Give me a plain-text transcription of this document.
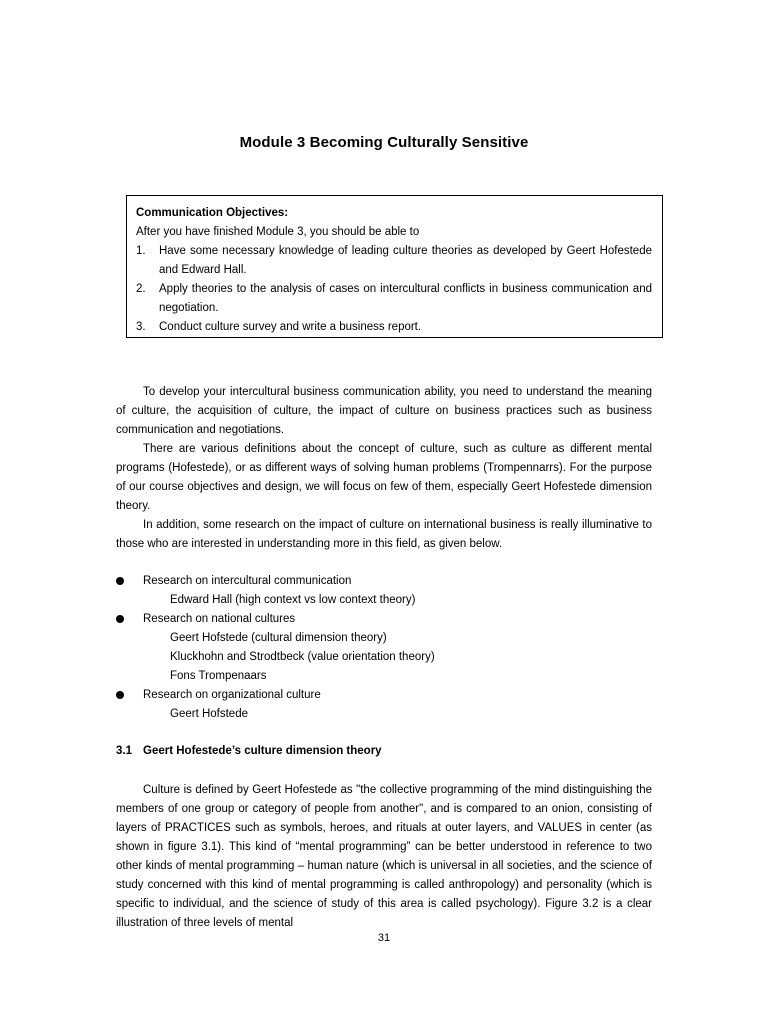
Module 3 Becoming Culturally Sensitive
Communication Objectives:
After you have finished Module 3, you should be able to
1. Have some necessary knowledge of leading culture theories as developed by Geert Hofestede and Edward Hall.
2. Apply theories to the analysis of cases on intercultural conflicts in business communication and negotiation.
3. Conduct culture survey and write a business report.

To develop your intercultural business communication ability, you need to understand the meaning of culture, the acquisition of culture, the impact of culture on business practices such as business communication and negotiations.

There are various definitions about the concept of culture, such as culture as different mental programs (Hofestede), or as different ways of solving human problems (Trompennarrs). For the purpose of our course objectives and design, we will focus on few of them, especially Geert Hofestede dimension theory.

In addition, some research on the impact of culture on international business is really illuminative to those who are interested in understanding more in this field, as given below.

Research on intercultural communication
Edward Hall (high context vs low context theory)
Research on national cultures
Geert Hofstede (cultural dimension theory)
Kluckhohn and Strodtbeck (value orientation theory)
Fons Trompenaars
Research on organizational culture
Geert Hofstede
3.1 Geert Hofestede’s culture dimension theory

Culture is defined by Geert Hofestede as "the collective programming of the mind distinguishing the members of one group or category of people from another", and is compared to an onion, consisting of layers of PRACTICES such as symbols, heroes, and rituals at outer layers, and VALUES in center (as shown in figure 3.1). This kind of “mental programming” can be better understood in reference to two other kinds of mental programming – human nature (which is universal in all societies, and the science of study concerned with this kind of mental programming is called anthropology) and personality (which is specific to individual, and the science of study of this area is called psychology). Figure 3.2 is a clear illustration of three levels of mental

31
